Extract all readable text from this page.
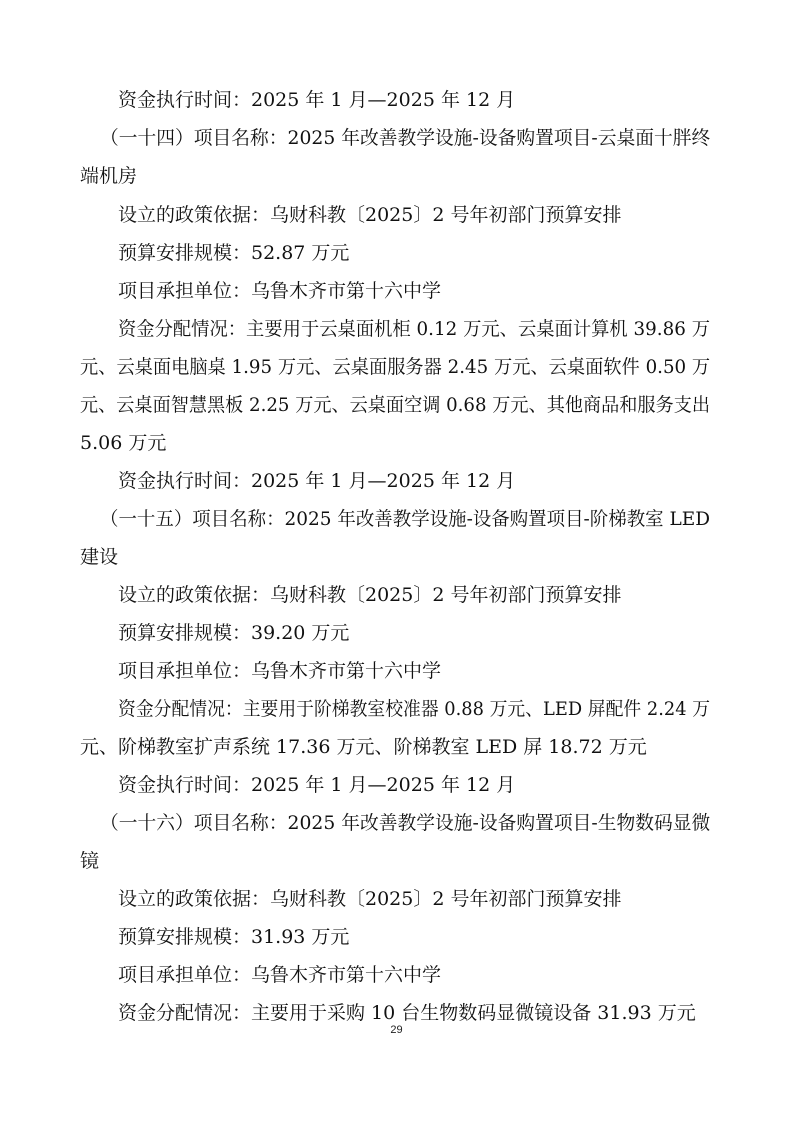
资金执行时间：2025 年 1 月—2025 年 12 月
（一十四）项目名称：2025 年改善教学设施-设备购置项目-云桌面十胖终
端机房
设立的政策依据：乌财科教〔2025〕2 号年初部门预算安排
预算安排规模：52.87 万元
项目承担单位：乌鲁木齐市第十六中学
资金分配情况：主要用于云桌面机柜 0.12 万元、云桌面计算机 39.86 万
元、云桌面电脑桌 1.95 万元、云桌面服务器 2.45 万元、云桌面软件 0.50 万
元、云桌面智慧黑板 2.25 万元、云桌面空调 0.68 万元、其他商品和服务支出
5.06 万元
资金执行时间：2025 年 1 月—2025 年 12 月
（一十五）项目名称：2025 年改善教学设施-设备购置项目-阶梯教室 LED
建设
设立的政策依据：乌财科教〔2025〕2 号年初部门预算安排
预算安排规模：39.20 万元
项目承担单位：乌鲁木齐市第十六中学
资金分配情况：主要用于阶梯教室校准器 0.88 万元、LED 屏配件 2.24 万
元、阶梯教室扩声系统 17.36 万元、阶梯教室 LED 屏 18.72 万元
资金执行时间：2025 年 1 月—2025 年 12 月
（一十六）项目名称：2025 年改善教学设施-设备购置项目-生物数码显微
镜
设立的政策依据：乌财科教〔2025〕2 号年初部门预算安排
预算安排规模：31.93 万元
项目承担单位：乌鲁木齐市第十六中学
资金分配情况：主要用于采购 10 台生物数码显微镜设备 31.93 万元
29
